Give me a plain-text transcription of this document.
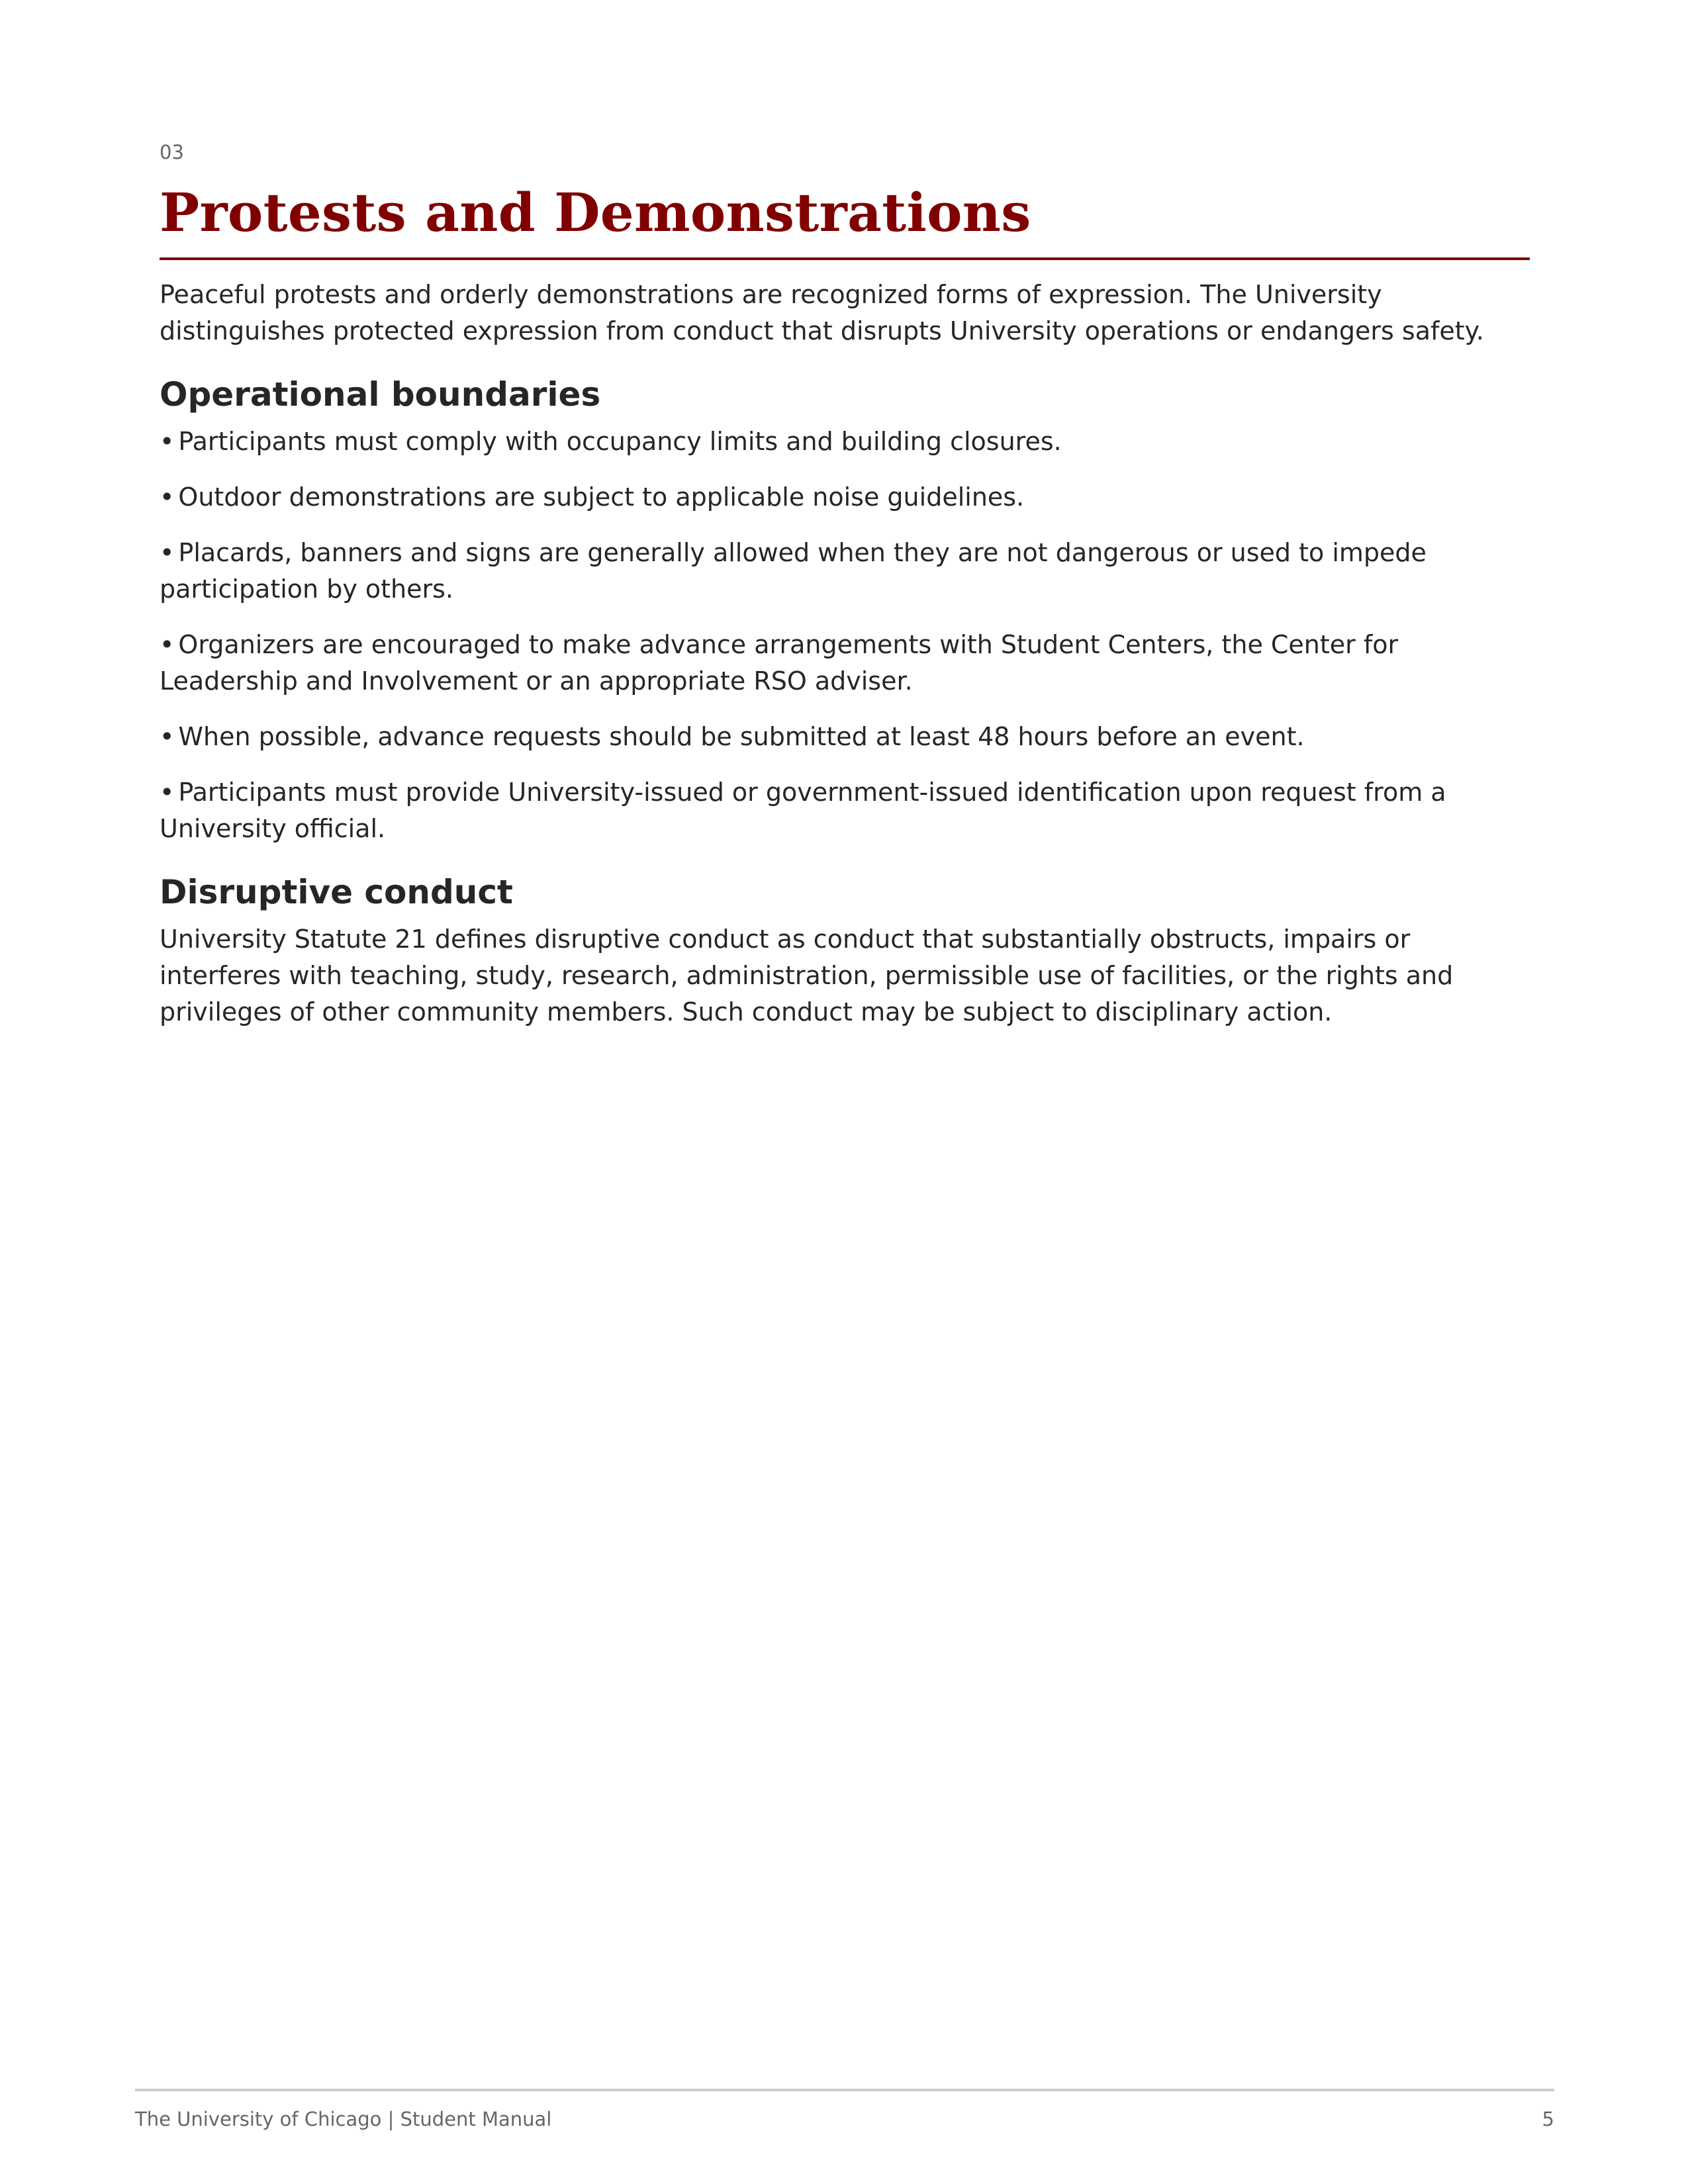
03
Protests and Demonstrations

Peaceful protests and orderly demonstrations are recognized forms of expression. The University distinguishes protected expression from conduct that disrupts University operations or endangers safety.

Operational boundaries
• Participants must comply with occupancy limits and building closures.
• Outdoor demonstrations are subject to applicable noise guidelines.
• Placards, banners and signs are generally allowed when they are not dangerous or used to impede participation by others.
• Organizers are encouraged to make advance arrangements with Student Centers, the Center for Leadership and Involvement or an appropriate RSO adviser.
• When possible, advance requests should be submitted at least 48 hours before an event.
• Participants must provide University-issued or government-issued identification upon request from a University official.
Disruptive conduct

University Statute 21 defines disruptive conduct as conduct that substantially obstructs, impairs or interferes with teaching, study, research, administration, permissible use of facilities, or the rights and privileges of other community members. Such conduct may be subject to disciplinary action.

The University of Chicago | Student Manual	5
